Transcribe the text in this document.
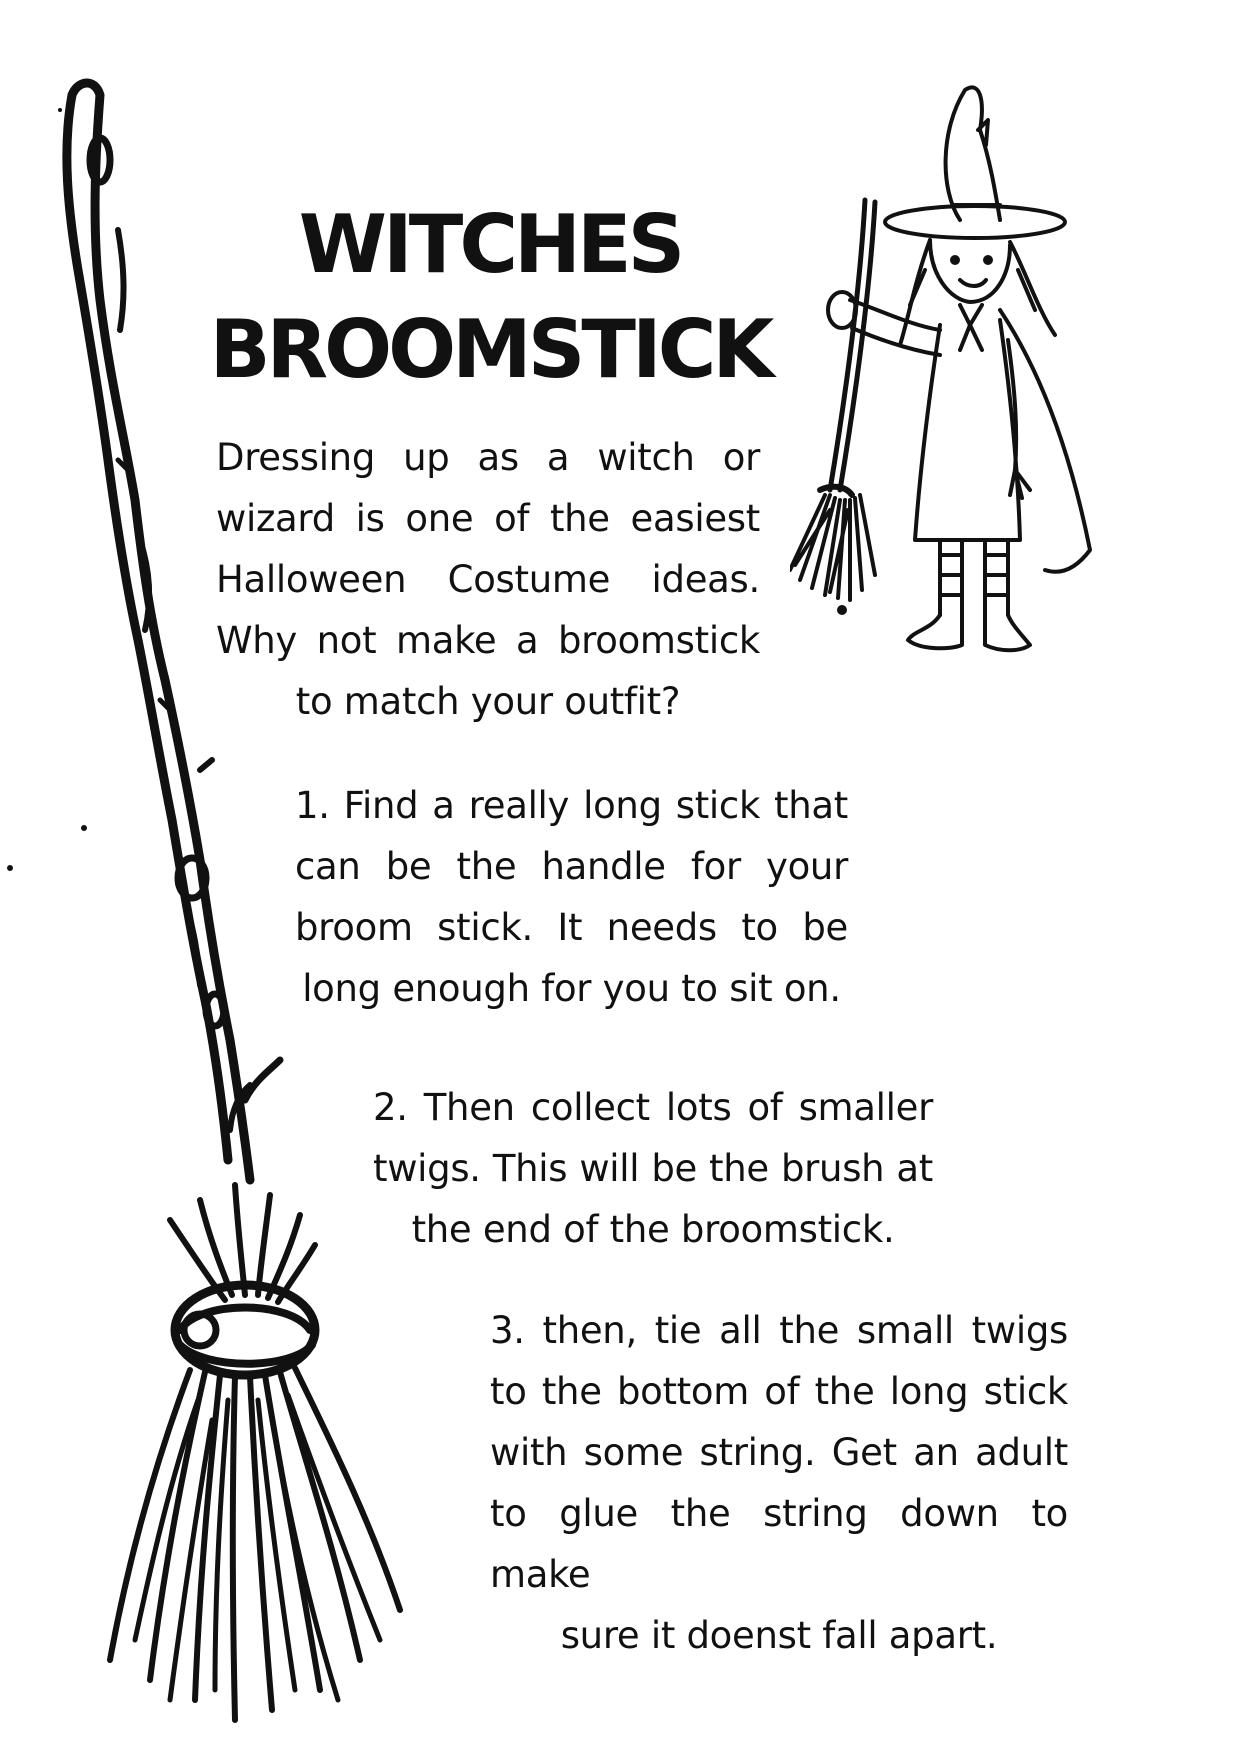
WITCHES
BROOMSTICK
Dressing up as a witch or
wizard is one of the easiest
Halloween Costume ideas.
Why not make a broomstick
to match your outfit?
1. Find a really long stick that
can be the handle for your
broom stick. It needs to be
long enough for you to sit on.
2. Then collect lots of smaller
twigs. This will be the brush at
the end of the broomstick.
3. then, tie all the small twigs
to the bottom of the long stick
with some string. Get an adult
to glue the string down to make
sure it doenst fall apart.
